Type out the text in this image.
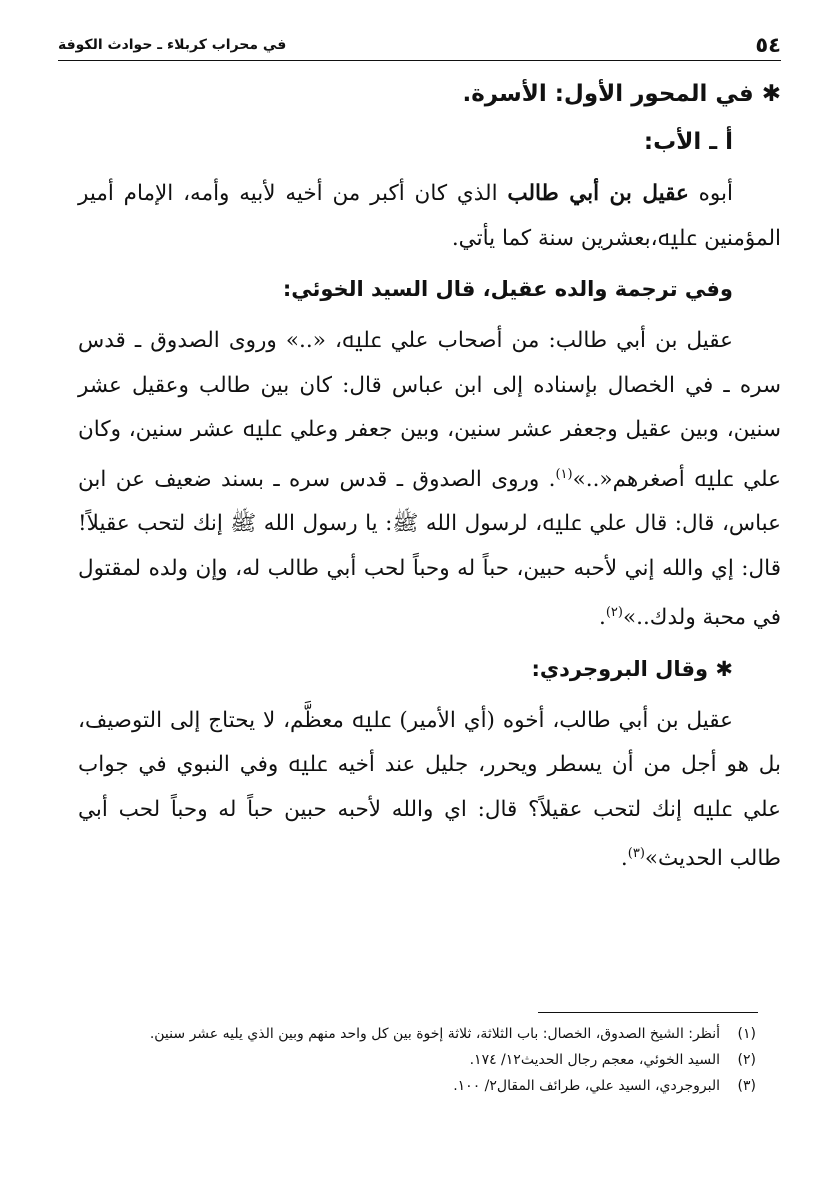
٥٤
في محراب كربلاء ـ حوادث الكوفة

✱ في المحور الأول: الأسرة.

أ ـ الأب:

أبوه عقيل بن أبي طالب الذي كان أكبر من أخيه لأبيه وأمه، الإمام أمير المؤمنين ﷷ،بعشرين سنة كما يأتي.

وفي ترجمة والده عقيل، قال السيد الخوئي:

عقيل بن أبي طالب: من أصحاب علي ﷷ، «..» وروى الصدوق ـ قدس سره ـ في الخصال بإسناده إلى ابن عباس قال: كان بين طالب وعقيل عشر سنين، وبين عقيل وجعفر عشر سنين، وبين جعفر وعلي ﷷ عشر سنين، وكان علي ﷷ أصغرهم«..»$^{(١)}$. وروى الصدوق ـ قدس سره ـ بسند ضعيف عن ابن عباس، قال: قال علي ﷷ، لرسول الله ﷺ: يا رسول الله ﷺ إنك لتحب عقيلاً! قال: إي والله إني لأحبه حبين، حباً له وحباً لحب أبي طالب له، وإن ولده لمقتول في محبة ولدك..»$^{(٢)}$.

✱ وقال البروجردي:

عقيل بن أبي طالب، أخوه (أي الأمير) ﷷ معظَّم، لا يحتاج إلى التوصيف، بل هو أجل من أن يسطر ويحرر، جليل عند أخيه ﷷ وفي النبوي في جواب علي ﷷ إنك لتحب عقيلاً؟ قال: اي والله لأحبه حبين حباً له وحباً لحب أبي طالب الحديث»$^{(٣)}$.

(١)
أنظر: الشيخ الصدوق، الخصال: باب الثلاثة، ثلاثة إخوة بين كل واحد منهم وبين الذي يليه عشر سنين.
(٢)
السيد الخوئي، معجم رجال الحديث١٢/ ١٧٤.
(٣)
البروجردي، السيد علي، طرائف المقال٢/ ١٠٠.
